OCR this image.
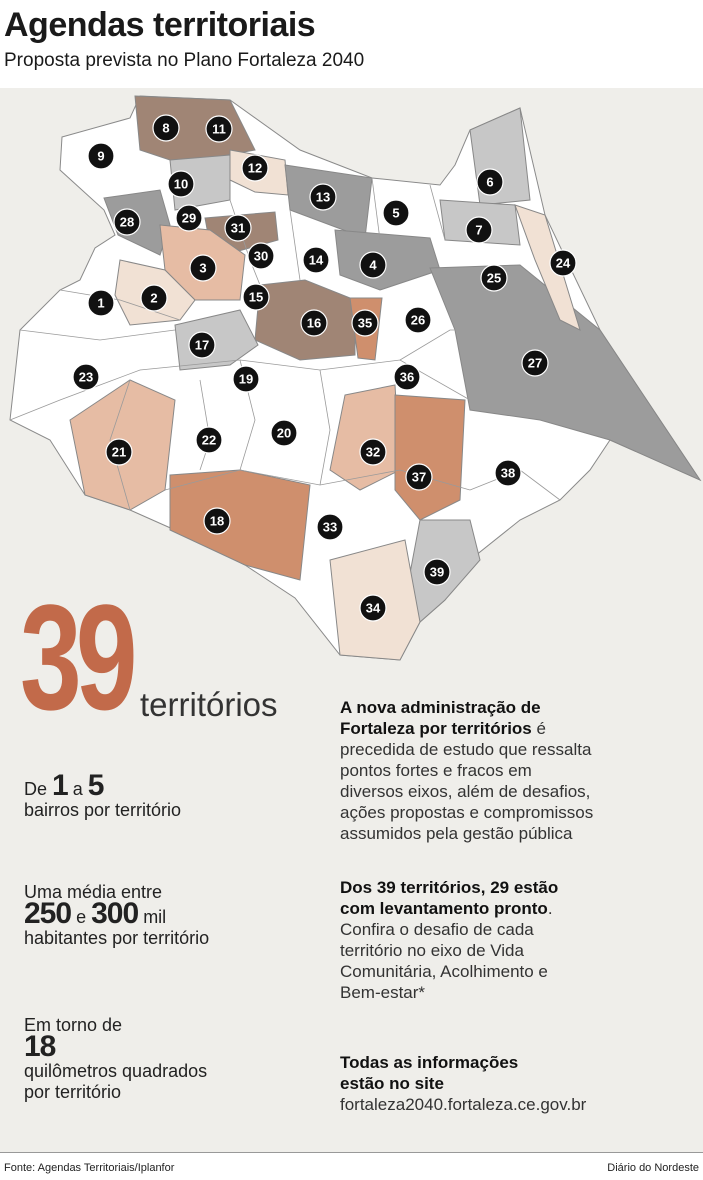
Agendas territoriais
Proposta prevista no Plano Fortaleza 2040
1	2
3	4
5
6
7
8
9
10
11
12
13
14
15
16
17
18
19
20
21
22
23
24
25
26
27
28	29
30
31
32
33
34
35
36
37	38
39
39 territórios
De 1 a 5
bairros por território
Uma média entre
250 e 300 mil
habitantes por território
Em torno de
18
quilômetros quadrados
por território
A nova administração de
Fortaleza por territórios é
precedida de estudo que ressalta
pontos fortes e fracos em
diversos eixos, além de desafios,
ações propostas e compromissos
assumidos pela gestão pública
Dos 39 territórios, 29 estão
com levantamento pronto.
Confira o desafio de cada
território no eixo de Vida
Comunitária, Acolhimento e
Bem-estar*
Todas as informações
estão no site
fortaleza2040.fortaleza.ce.gov.br
Fonte: Agendas Territoriais/Iplanfor	Diário do Nordeste
